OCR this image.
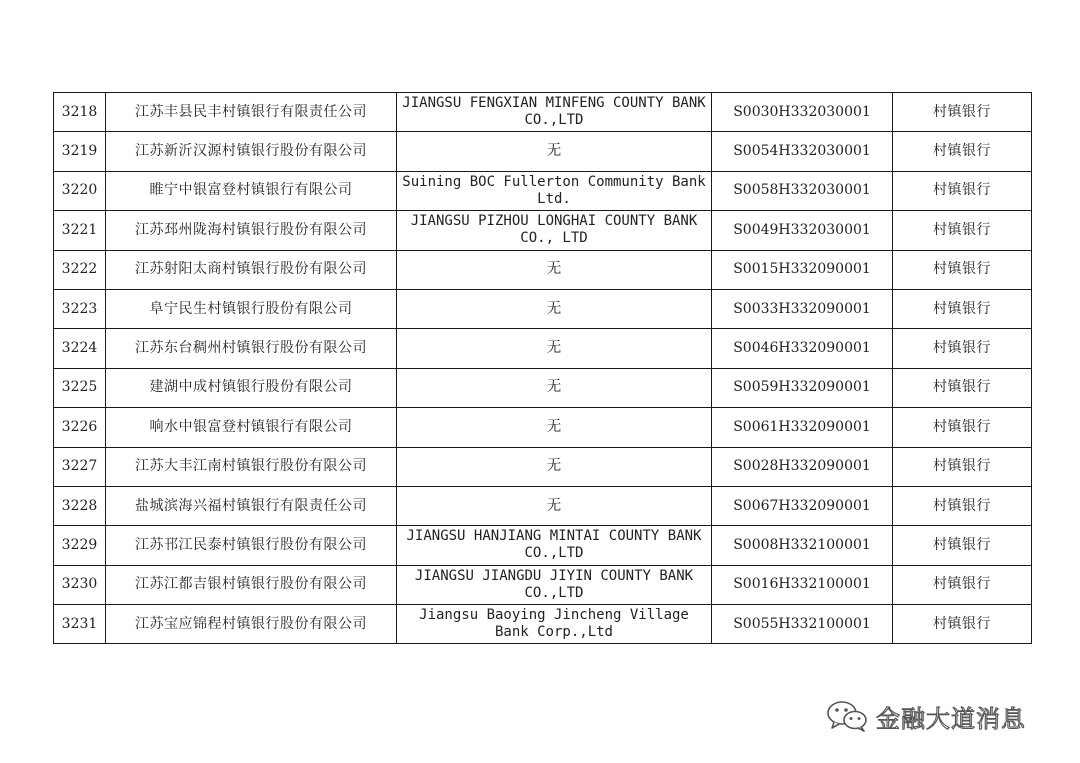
3218	江苏丰县民丰村镇银行有限责任公司	JIANGSU FENGXIAN MINFENG COUNTY BANK CO.,LTD	S0030H332030001	村镇银行
3219	江苏新沂汉源村镇银行股份有限公司	无	S0054H332030001	村镇银行
3220	睢宁中银富登村镇银行有限公司	Suining BOC Fullerton Community Bank Ltd.	S0058H332030001	村镇银行
3221	江苏邳州陇海村镇银行股份有限公司	JIANGSU PIZHOU LONGHAI COUNTY BANK CO., LTD	S0049H332030001	村镇银行
3222	江苏射阳太商村镇银行股份有限公司	无	S0015H332090001	村镇银行
3223	阜宁民生村镇银行股份有限公司	无	S0033H332090001	村镇银行
3224	江苏东台稠州村镇银行股份有限公司	无	S0046H332090001	村镇银行
3225	建湖中成村镇银行股份有限公司	无	S0059H332090001	村镇银行
3226	响水中银富登村镇银行有限公司	无	S0061H332090001	村镇银行
3227	江苏大丰江南村镇银行股份有限公司	无	S0028H332090001	村镇银行
3228	盐城滨海兴福村镇银行有限责任公司	无	S0067H332090001	村镇银行
3229	江苏邗江民泰村镇银行股份有限公司	JIANGSU HANJIANG MINTAI COUNTY BANK CO.,LTD	S0008H332100001	村镇银行
3230	江苏江都吉银村镇银行股份有限公司	JIANGSU JIANGDU JIYIN COUNTY BANK CO.,LTD	S0016H332100001	村镇银行
3231	江苏宝应锦程村镇银行股份有限公司	Jiangsu Baoying Jincheng Village Bank Corp.,Ltd	S0055H332100001	村镇银行
金融大道消息
